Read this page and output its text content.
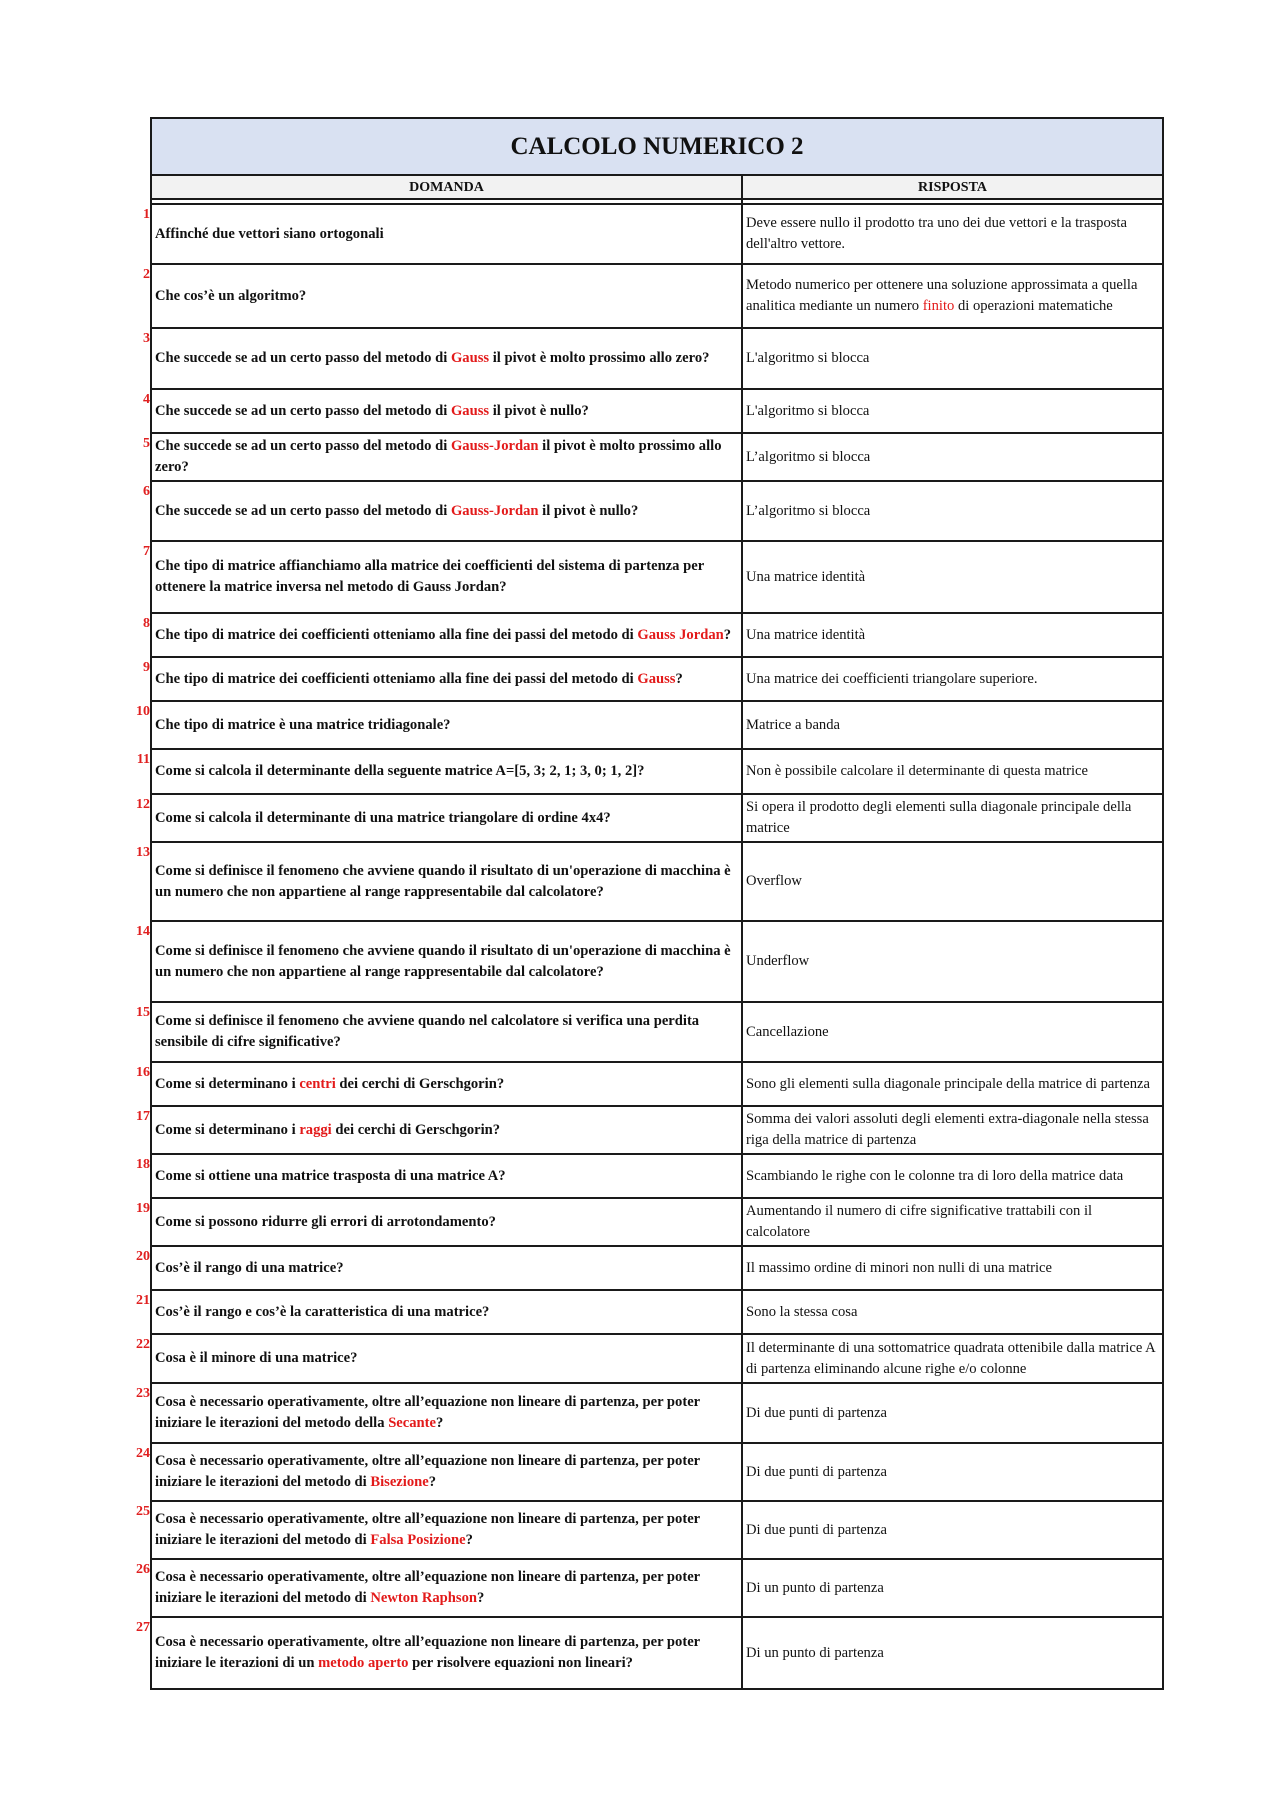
CALCOLO NUMERICO 2	
DOMANDA	RISPOSTA

1
Affinché due vettori siano ortogonali	Deve essere nullo il prodotto tra uno dei due vettori e la trasposta dell'altro vettore.

2
Che cos’è un algoritmo?	Metodo numerico per ottenere una soluzione approssimata a quella analitica mediante un numero finito di operazioni matematiche

3
Che succede se ad un certo passo del metodo di Gauss il pivot è molto prossimo allo zero?	L'algoritmo si blocca

4
Che succede se ad un certo passo del metodo di Gauss il pivot è nullo?	L'algoritmo si blocca

5 Che succede se ad un certo passo del metodo di Gauss-Jordan il pivot è molto prossimo allo zero?	L’algoritmo si blocca

6
Che succede se ad un certo passo del metodo di Gauss-Jordan il pivot è nullo?	L’algoritmo si blocca

7
Che tipo di matrice affianchiamo alla matrice dei coefficienti del sistema di partenza per ottenere la matrice inversa nel metodo di Gauss Jordan?	Una matrice identità

8
Che tipo di matrice dei coefficienti otteniamo alla fine dei passi del metodo di Gauss Jordan?	Una matrice identità

9
Che tipo di matrice dei coefficienti otteniamo alla fine dei passi del metodo di Gauss?	Una matrice dei coefficienti triangolare superiore.

10
Che tipo di matrice è una matrice tridiagonale?	Matrice a banda

11
Come si calcola il determinante della seguente matrice A=[5, 3; 2, 1; 3, 0; 1, 2]?	Non è possibile calcolare il determinante di questa matrice

12
Come si calcola il determinante di una matrice triangolare di ordine 4x4?	Si opera il prodotto degli elementi sulla diagonale principale della matrice

13
Come si definisce il fenomeno che avviene quando il risultato di un'operazione di macchina è un numero che non appartiene al range rappresentabile dal calcolatore?	Overflow

14
Come si definisce il fenomeno che avviene quando il risultato di un'operazione di macchina è un numero che non appartiene al range rappresentabile dal calcolatore?	Underflow

15
Come si definisce il fenomeno che avviene quando nel calcolatore si verifica una perdita sensibile di cifre significative?	Cancellazione

16
Come si determinano i centri dei cerchi di Gerschgorin?	Sono gli elementi sulla diagonale principale della matrice di partenza

17
Come si determinano i raggi dei cerchi di Gerschgorin?	Somma dei valori assoluti degli elementi extra-diagonale nella stessa riga della matrice di partenza

18
Come si ottiene una matrice trasposta di una matrice A?	Scambiando le righe con le colonne tra di loro della matrice data

19
Come si possono ridurre gli errori di arrotondamento?	Aumentando il numero di cifre significative trattabili con il calcolatore

20
Cos’è il rango di una matrice?	Il massimo ordine di minori non nulli di una matrice

21
Cos’è il rango e cos’è la caratteristica di una matrice?	Sono la stessa cosa

22
Cosa è il minore di una matrice?	Il determinante di una sottomatrice quadrata ottenibile dalla matrice A di partenza eliminando alcune righe e/o colonne

23
Cosa è necessario operativamente, oltre all’equazione non lineare di partenza, per poter iniziare le iterazioni del metodo della Secante?	Di due punti di partenza

24 Cosa è necessario operativamente, oltre all’equazione non lineare di partenza, per poter iniziare le iterazioni del metodo di Bisezione?	Di due punti di partenza

25 Cosa è necessario operativamente, oltre all’equazione non lineare di partenza, per poter iniziare le iterazioni del metodo di Falsa Posizione?	Di due punti di partenza

26 Cosa è necessario operativamente, oltre all’equazione non lineare di partenza, per poter iniziare le iterazioni del metodo di Newton Raphson?	Di un punto di partenza

27
Cosa è necessario operativamente, oltre all’equazione non lineare di partenza, per poter iniziare le iterazioni di un metodo aperto per risolvere equazioni non lineari?	Di un punto di partenza
